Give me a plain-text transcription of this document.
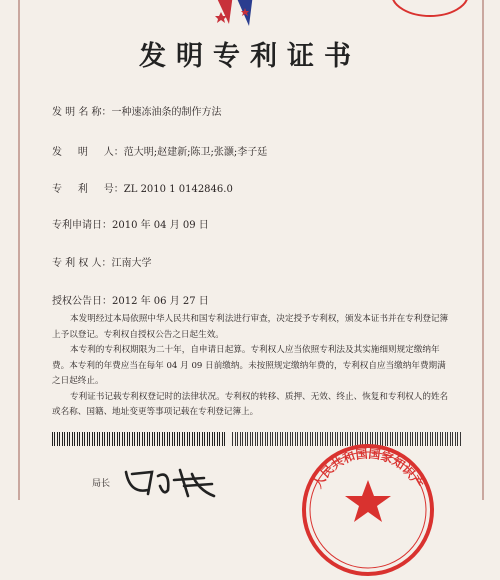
发明专利证书
发 明 名 称：一种速冻油条的制作方法
发     明     人：范大明;赵建新;陈卫;张灏;李子廷
专     利     号：ZL 2010 1 0142846.0
专利申请日：2010 年 04 月 09 日
专 利 权 人：江南大学
授权公告日：2012 年 06 月 27 日

本发明经过本局依照中华人民共和国专利法进行审查，决定授予专利权，颁发本证书并在专利登记簿上予以登记。专利权自授权公告之日起生效。

本专利的专利权期限为二十年，自申请日起算。专利权人应当依照专利法及其实施细则规定缴纳年费。本专利的年费应当在每年 04 月 09 日前缴纳。未按照规定缴纳年费的，专利权自应当缴纳年费期满之日起终止。

专利证书记载专利权登记时的法律状况。专利权的转移、质押、无效、终止、恢复和专利权人的姓名或名称、国籍、地址变更等事项记载在专利登记簿上。

局长	人民共和国国家知识产
